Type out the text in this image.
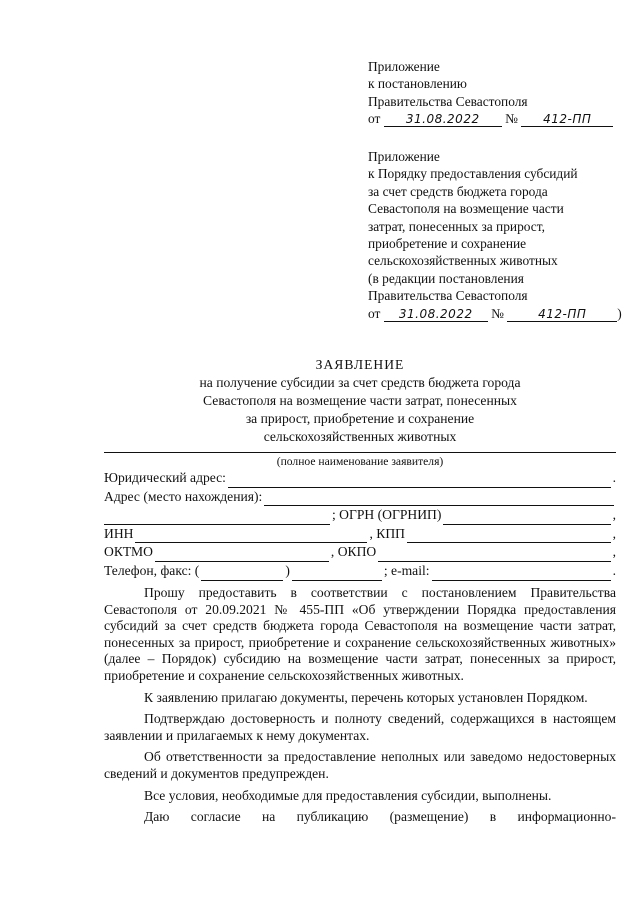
Приложение
к постановлению
Правительства Севастополя
от 31.08.2022 № 412-ПП
Приложение
к Порядку предоставления субсидий
за счет средств бюджета города
Севастополя на возмещение части
затрат, понесенных за прирост,
приобретение и сохранение
сельскохозяйственных животных
(в редакции постановления
Правительства Севастополя
от 31.08.2022 №	412-ПП )
ЗАЯВЛЕНИЕ
на получение субсидии за счет средств бюджета города
Севастополя на возмещение части затрат, понесенных
за прирост, приобретение и сохранение
сельскохозяйственных животных
(полное наименование заявителя)
Юридический адрес:	.
Адрес (место нахождения):
; ОГРН (ОГРНИП)	,
ИНН	, КПП	,
ОКТМО	, ОКПО	,
Телефон, факс: (	)	; e-mail:	.

Прошу предоставить в соответствии с постановлением Правительства Севастополя от 20.09.2021 № 455-ПП «Об утверждении Порядка предоставления субсидий за счет средств бюджета города Севастополя на возмещение части затрат, понесенных за прирост, приобретение и сохранение сельскохозяйственных животных» (далее – Порядок) субсидию на возмещение части затрат, понесенных за прирост, приобретение и сохранение сельскохозяйственных животных.

К заявлению прилагаю документы, перечень которых установлен Порядком.

Подтверждаю достоверность и полноту сведений, содержащихся в настоящем заявлении и прилагаемых к нему документах.

Об ответственности за предоставление неполных или заведомо недостоверных сведений и документов предупрежден.

Все условия, необходимые для предоставления субсидии, выполнены.

Даю согласие на публикацию (размещение) в информационно-
